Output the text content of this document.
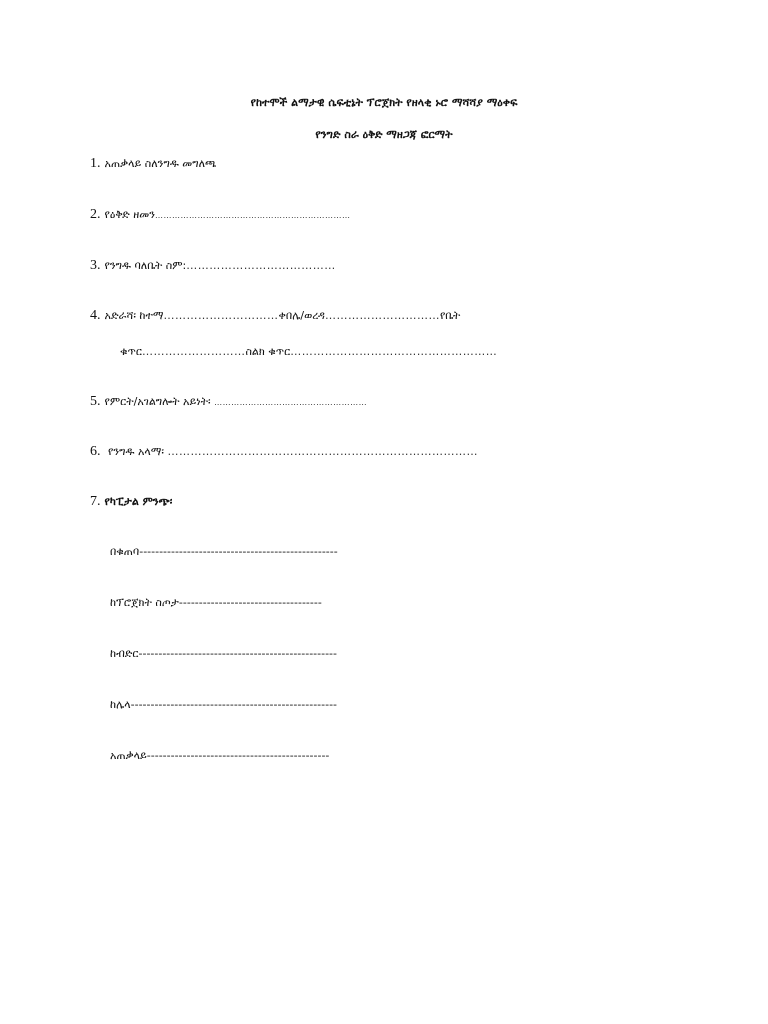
የከተሞች ልማታዊ ሴፍቲኔት ፕሮጀክት የዘላቂ ኑሮ ማሻሻያ ማዕቀፍ
የንግድ ስራ ዕቅድ ማዘጋጃ ፎርማት
1. አጠቃላይ ስለንግዱ መግለጫ
2. የዕቅድ ዘመን……………………………………………………………
3. የንግዱ ባለቤት ስም:…………………………………
4. አድራሻ፡ ከተማ…………………………ቀበሌ/ወረዳ…………………………የቤት
ቁጥር………………………ስልክ ቁጥር………………………………………………
5. የምርት/አገልግሎት አይነት፡ ………………………………………………
6. የንግዱ አላማ፡ ………………………………………………………………………
7. የካፒታል ምንጭ፡
በቁጠባ--------------------------------------------------
ከፕሮጀክት ስጦታ------------------------------------
ከብድር--------------------------------------------------
ከሌላ----------------------------------------------------
አጠቃላይ----------------------------------------------
